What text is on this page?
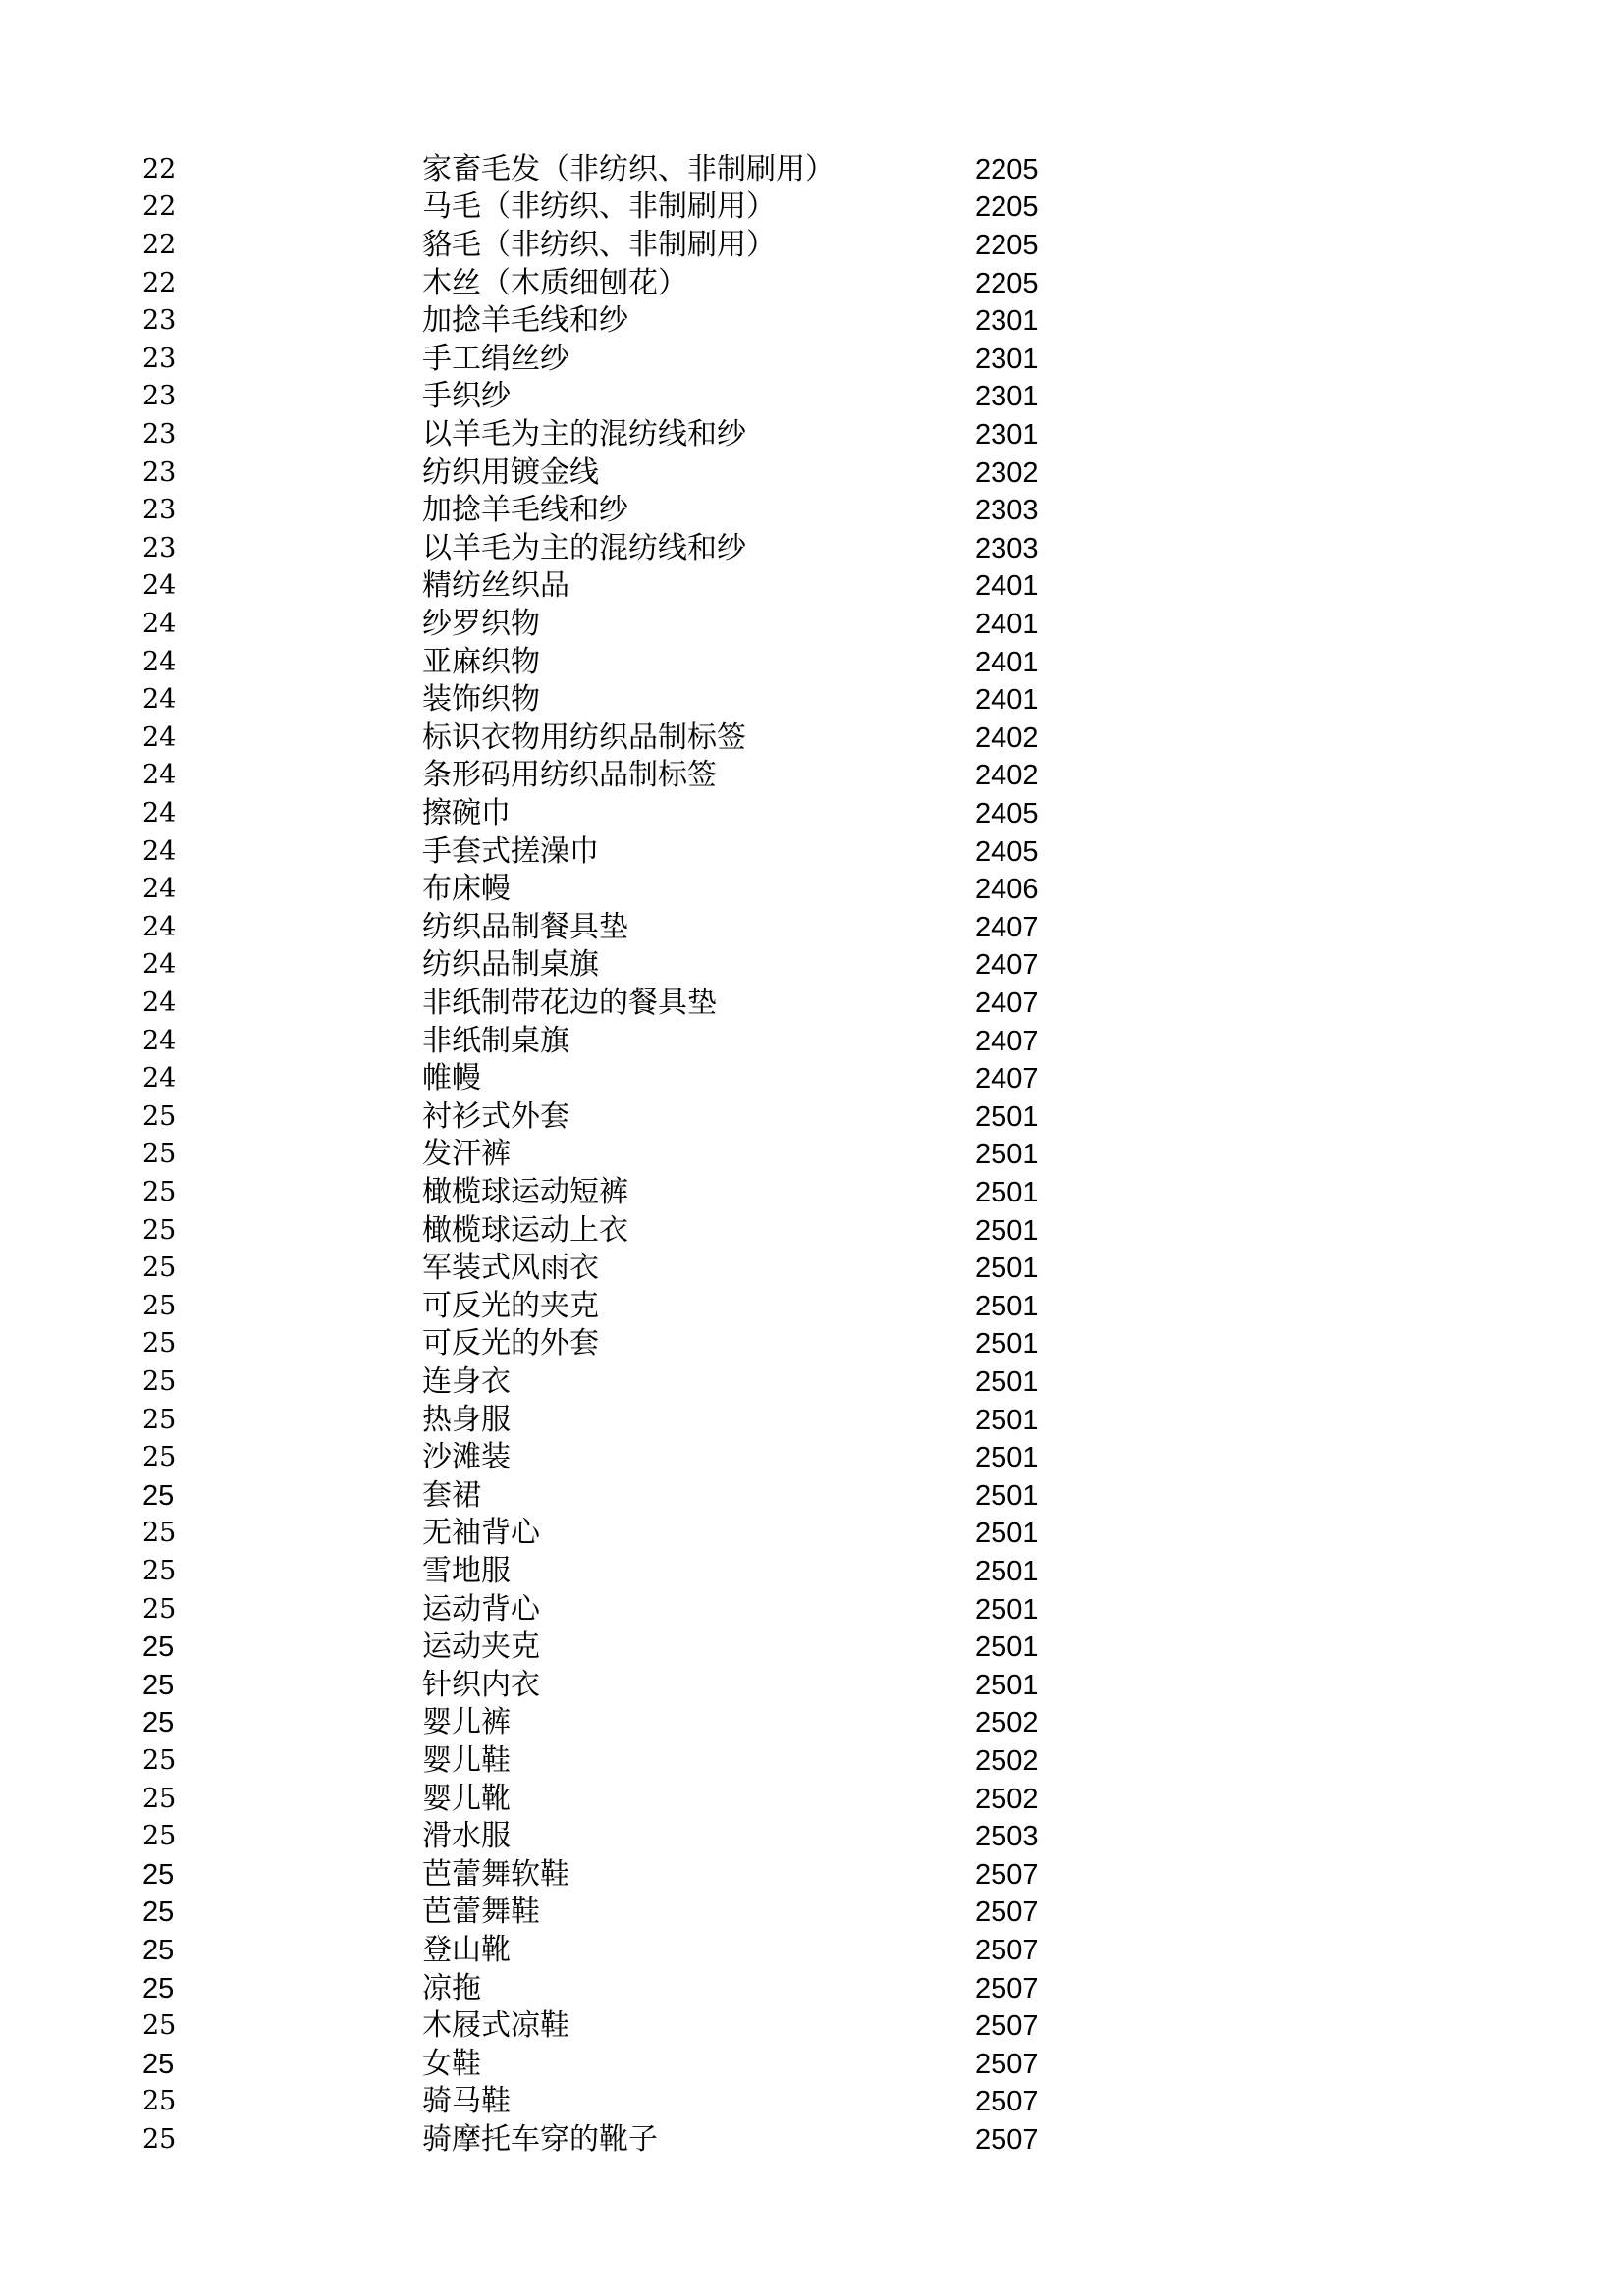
22	家畜毛发（非纺织、非制刷用）	2205
22	马毛（非纺织、非制刷用）	2205
22	貉毛（非纺织、非制刷用）	2205
22	木丝（木质细刨花）	2205
23	加捻羊毛线和纱	2301
23	手工绢丝纱	2301
23	手织纱	2301
23	以羊毛为主的混纺线和纱	2301
23	纺织用镀金线	2302
23	加捻羊毛线和纱	2303
23	以羊毛为主的混纺线和纱	2303
24	精纺丝织品	2401
24	纱罗织物	2401
24	亚麻织物	2401
24	装饰织物	2401
24	标识衣物用纺织品制标签	2402
24	条形码用纺织品制标签	2402
24	擦碗巾	2405
24	手套式搓澡巾	2405
24	布床幔	2406
24	纺织品制餐具垫	2407
24	纺织品制桌旗	2407
24	非纸制带花边的餐具垫	2407
24	非纸制桌旗	2407
24	帷幔	2407
25	衬衫式外套	2501
25	发汗裤	2501
25	橄榄球运动短裤	2501
25	橄榄球运动上衣	2501
25	军装式风雨衣	2501
25	可反光的夹克	2501
25	可反光的外套	2501
25	连身衣	2501
25	热身服	2501
25	沙滩装	2501
25	套裙	2501
25	无袖背心	2501
25	雪地服	2501
25	运动背心	2501
25	运动夹克	2501
25	针织内衣	2501
25	婴儿裤	2502
25	婴儿鞋	2502
25	婴儿靴	2502
25	滑水服	2503
25	芭蕾舞软鞋	2507
25	芭蕾舞鞋	2507
25	登山靴	2507
25	凉拖	2507
25	木屐式凉鞋	2507
25	女鞋	2507
25	骑马鞋	2507
25	骑摩托车穿的靴子	2507
